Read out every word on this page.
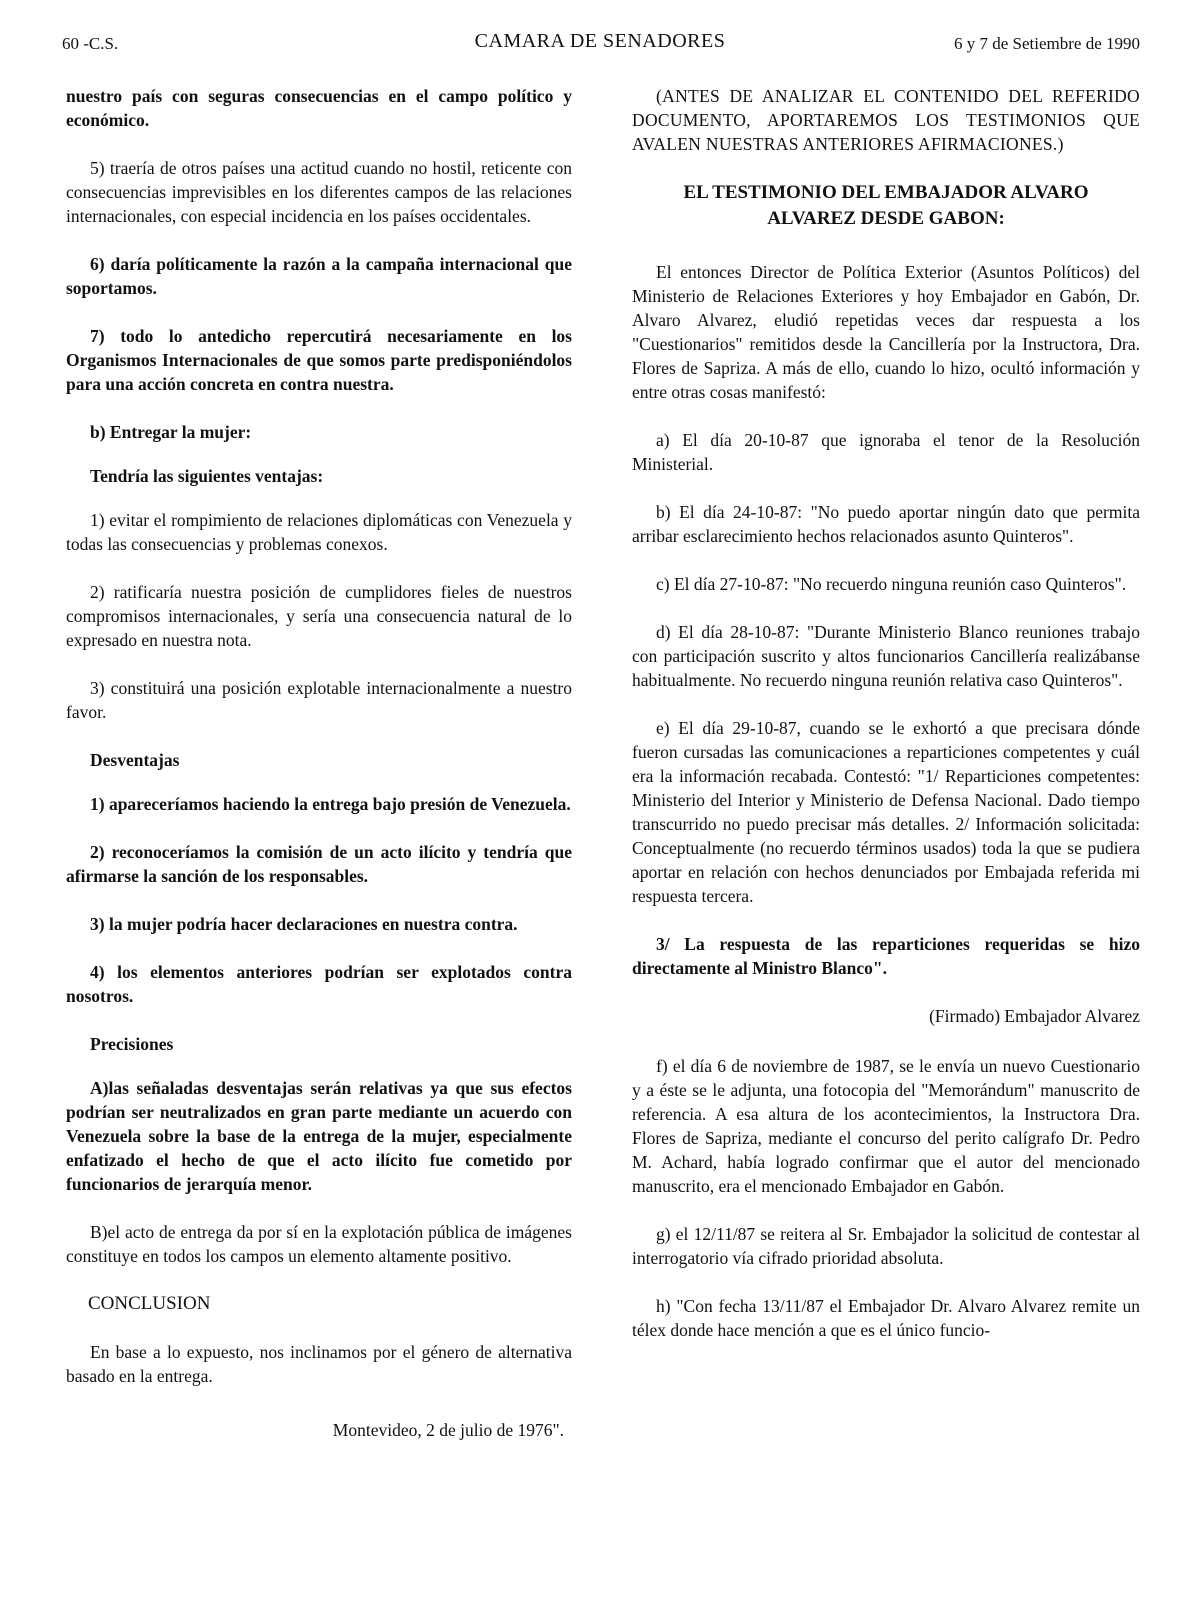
60 -C.S.	CAMARA DE SENADORES	6 y 7 de Setiembre de 1990

nuestro país con seguras consecuencias en el campo político y económico.

5) traería de otros países una actitud cuando no hostil, reticente con consecuencias imprevisibles en los diferentes campos de las relaciones internacionales, con especial incidencia en los países occidentales.

6) daría políticamente la razón a la campaña internacional que soportamos.

7) todo lo antedicho repercutirá necesariamente en los Organismos Internacionales de que somos parte predisponiéndolos para una acción concreta en contra nuestra.

b) Entregar la mujer:

Tendría las siguientes ventajas:

1) evitar el rompimiento de relaciones diplomáticas con Venezuela y todas las consecuencias y problemas conexos.

2) ratificaría nuestra posición de cumplidores fieles de nuestros compromisos internacionales, y sería una consecuencia natural de lo expresado en nuestra nota.

3) constituirá una posición explotable internacionalmente a nuestro favor.

Desventajas

1) apareceríamos haciendo la entrega bajo presión de Venezuela.

2) reconoceríamos la comisión de un acto ilícito y tendría que afirmarse la sanción de los responsables.

3) la mujer podría hacer declaraciones en nuestra contra.

4) los elementos anteriores podrían ser explotados contra nosotros.

Precisiones

A)las señaladas desventajas serán relativas ya que sus efectos podrían ser neutralizados en gran parte mediante un acuerdo con Venezuela sobre la base de la entrega de la mujer, especialmente enfatizado el hecho de que el acto ilícito fue cometido por funcionarios de jerarquía menor.

B)el acto de entrega da por sí en la explotación pública de imágenes constituye en todos los campos un elemento altamente positivo.

CONCLUSION

En base a lo expuesto, nos inclinamos por el género de alternativa basado en la entrega.

Montevideo, 2 de julio de 1976".

(ANTES DE ANALIZAR EL CONTENIDO DEL REFERIDO DOCUMENTO, APORTAREMOS LOS TESTIMONIOS QUE AVALEN NUESTRAS ANTERIORES AFIRMACIONES.)

EL TESTIMONIO DEL EMBAJADOR ALVARO
ALVAREZ DESDE GABON:

El entonces Director de Política Exterior (Asuntos Políticos) del Ministerio de Relaciones Exteriores y hoy Embajador en Gabón, Dr. Alvaro Alvarez, eludió repetidas veces dar respuesta a los "Cuestionarios" remitidos desde la Cancillería por la Instructora, Dra. Flores de Sapriza. A más de ello, cuando lo hizo, ocultó información y entre otras cosas manifestó:

a) El día 20-10-87 que ignoraba el tenor de la Resolución Ministerial.

b) El día 24-10-87: "No puedo aportar ningún dato que permita arribar esclarecimiento hechos relacionados asunto Quinteros".

c) El día 27-10-87: "No recuerdo ninguna reunión caso Quinteros".

d) El día 28-10-87: "Durante Ministerio Blanco reuniones trabajo con participación suscrito y altos funcionarios Cancillería realizábanse habitualmente. No recuerdo ninguna reunión relativa caso Quinteros".

e) El día 29-10-87, cuando se le exhortó a que precisara dónde fueron cursadas las comunicaciones a reparticiones competentes y cuál era la información recabada. Contestó: "1/ Reparticiones competentes: Ministerio del Interior y Ministerio de Defensa Nacional. Dado tiempo transcurrido no puedo precisar más detalles. 2/ Información solicitada: Conceptualmente (no recuerdo términos usados) toda la que se pudiera aportar en relación con hechos denunciados por Embajada referida mi respuesta tercera.

3/ La respuesta de las reparticiones requeridas se hizo directamente al Ministro Blanco".

(Firmado) Embajador Alvarez

f) el día 6 de noviembre de 1987, se le envía un nuevo Cuestionario y a éste se le adjunta, una fotocopia del "Memorándum" manuscrito de referencia. A esa altura de los acontecimientos, la Instructora Dra. Flores de Sapriza, mediante el concurso del perito calígrafo Dr. Pedro M. Achard, había logrado confirmar que el autor del mencionado manuscrito, era el mencionado Embajador en Gabón.

g) el 12/11/87 se reitera al Sr. Embajador la solicitud de contestar al interrogatorio vía cifrado prioridad absoluta.

h) "Con fecha 13/11/87 el Embajador Dr. Alvaro Alvarez remite un télex donde hace mención a que es el único funcio-
